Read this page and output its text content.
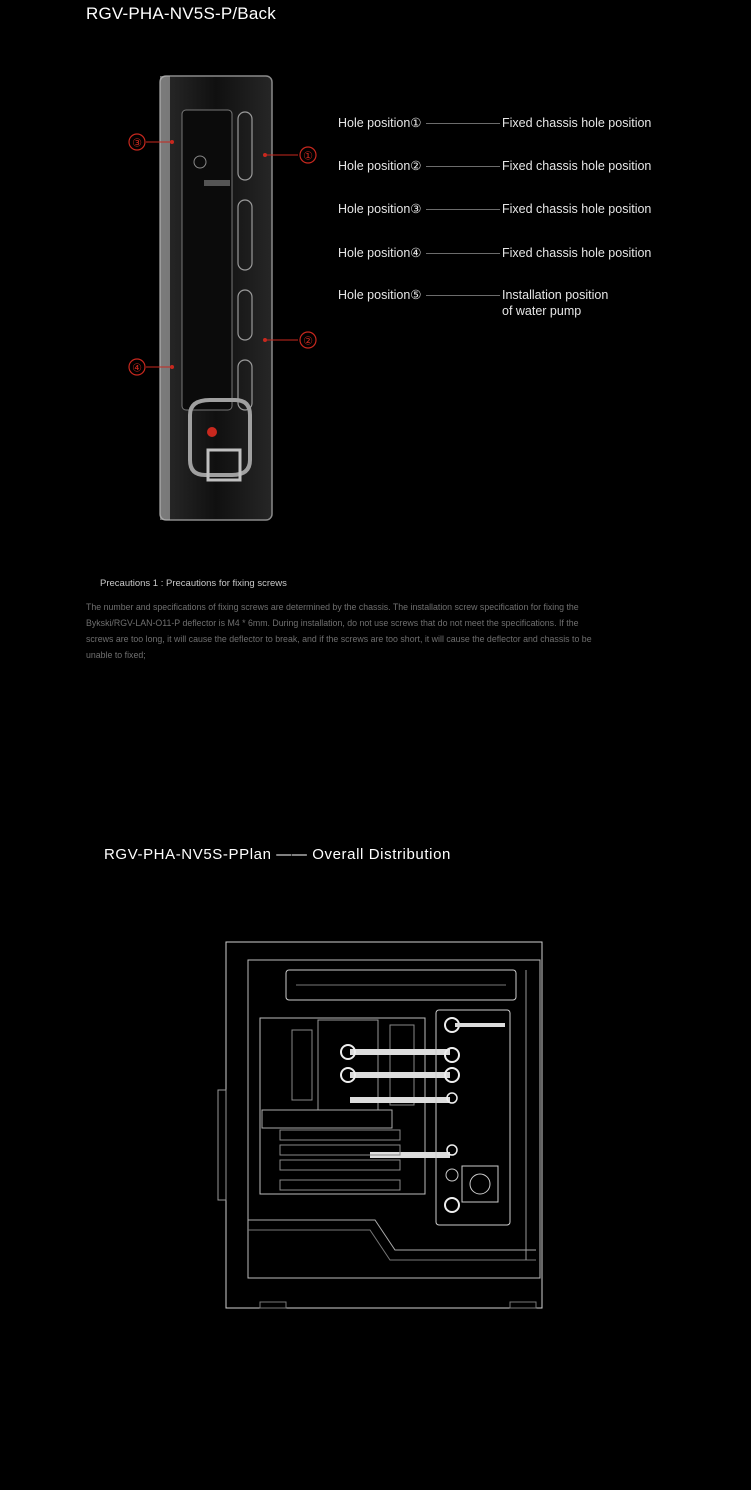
RGV-PHA-NV5S-P/Back
①
②
③
④
Hole position①	Fixed chassis hole position
Hole position②	Fixed chassis hole position
Hole position③	Fixed chassis hole position
Hole position④	Fixed chassis hole position
Hole position⑤	Installation position
of water pump
Precautions 1 : Precautions for fixing screws
The number and specifications of fixing screws are determined by the chassis. The installation screw specification for fixing the Bykski/RGV-LAN-O11-P deflector is M4 * 6mm. During installation, do not use screws that do not meet the specifications. If the screws are too long, it will cause the deflector to break, and if the screws are too short, it will cause the deflector and chassis to be unable to fixed;
RGV-PHA-NV5S-PPlan —— Overall Distribution
